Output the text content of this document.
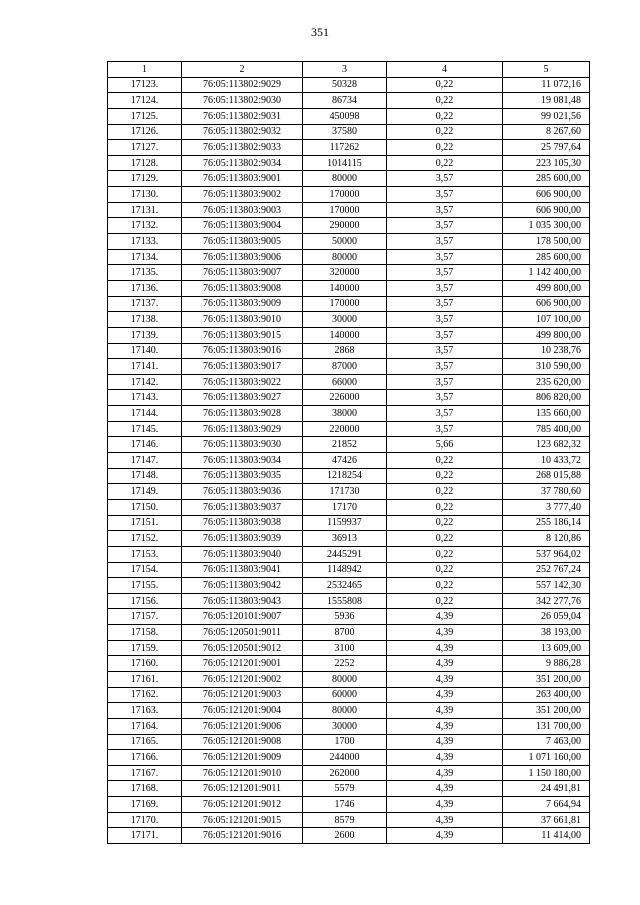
351
1	2	3	4	5
17123.	76:05:113802:9029	50328	0,22	11 072,16
17124.	76:05:113802:9030	86734	0,22	19 081,48
17125.	76:05:113802:9031	450098	0,22	99 021,56
17126.	76:05:113802:9032	37580	0,22	8 267,60
17127.	76:05:113802:9033	117262	0,22	25 797,64
17128.	76:05:113802:9034	1014115	0,22	223 105,30
17129.	76:05:113803:9001	80000	3,57	285 600,00
17130.	76:05:113803:9002	170000	3,57	606 900,00
17131.	76:05:113803:9003	170000	3,57	606 900,00
17132.	76:05:113803:9004	290000	3,57	1 035 300,00
17133.	76:05:113803:9005	50000	3,57	178 500,00
17134.	76:05:113803:9006	80000	3,57	285 600,00
17135.	76:05:113803:9007	320000	3,57	1 142 400,00
17136.	76:05:113803:9008	140000	3,57	499 800,00
17137.	76:05:113803:9009	170000	3,57	606 900,00
17138.	76:05:113803:9010	30000	3,57	107 100,00
17139.	76:05:113803:9015	140000	3,57	499 800,00
17140.	76:05:113803:9016	2868	3,57	10 238,76
17141.	76:05:113803:9017	87000	3,57	310 590,00
17142.	76:05:113803:9022	66000	3,57	235 620,00
17143.	76:05:113803:9027	226000	3,57	806 820,00
17144.	76:05:113803:9028	38000	3,57	135 660,00
17145.	76:05:113803:9029	220000	3,57	785 400,00
17146.	76:05:113803:9030	21852	5,66	123 682,32
17147.	76:05:113803:9034	47426	0,22	10 433,72
17148.	76:05:113803:9035	1218254	0,22	268 015,88
17149.	76:05:113803:9036	171730	0,22	37 780,60
17150.	76:05:113803:9037	17170	0,22	3 777,40
17151.	76:05:113803:9038	1159937	0,22	255 186,14
17152.	76:05:113803:9039	36913	0,22	8 120,86
17153.	76:05:113803:9040	2445291	0,22	537 964,02
17154.	76:05:113803:9041	1148942	0,22	252 767,24
17155.	76:05:113803:9042	2532465	0,22	557 142,30
17156.	76:05:113803:9043	1555808	0,22	342 277,76
17157.	76:05:120101:9007	5936	4,39	26 059,04
17158.	76:05:120501:9011	8700	4,39	38 193,00
17159.	76:05:120501:9012	3100	4,39	13 609,00
17160.	76:05:121201:9001	2252	4,39	9 886,28
17161.	76:05:121201:9002	80000	4,39	351 200,00
17162.	76:05:121201:9003	60000	4,39	263 400,00
17163.	76:05:121201:9004	80000	4,39	351 200,00
17164.	76:05:121201:9006	30000	4,39	131 700,00
17165.	76:05:121201:9008	1700	4,39	7 463,00
17166.	76:05:121201:9009	244000	4,39	1 071 160,00
17167.	76:05:121201:9010	262000	4,39	1 150 180,00
17168.	76:05:121201:9011	5579	4,39	24 491,81
17169.	76:05:121201:9012	1746	4,39	7 664,94
17170.	76:05:121201:9015	8579	4,39	37 661,81
17171.	76:05:121201:9016	2600	4,39	11 414,00
